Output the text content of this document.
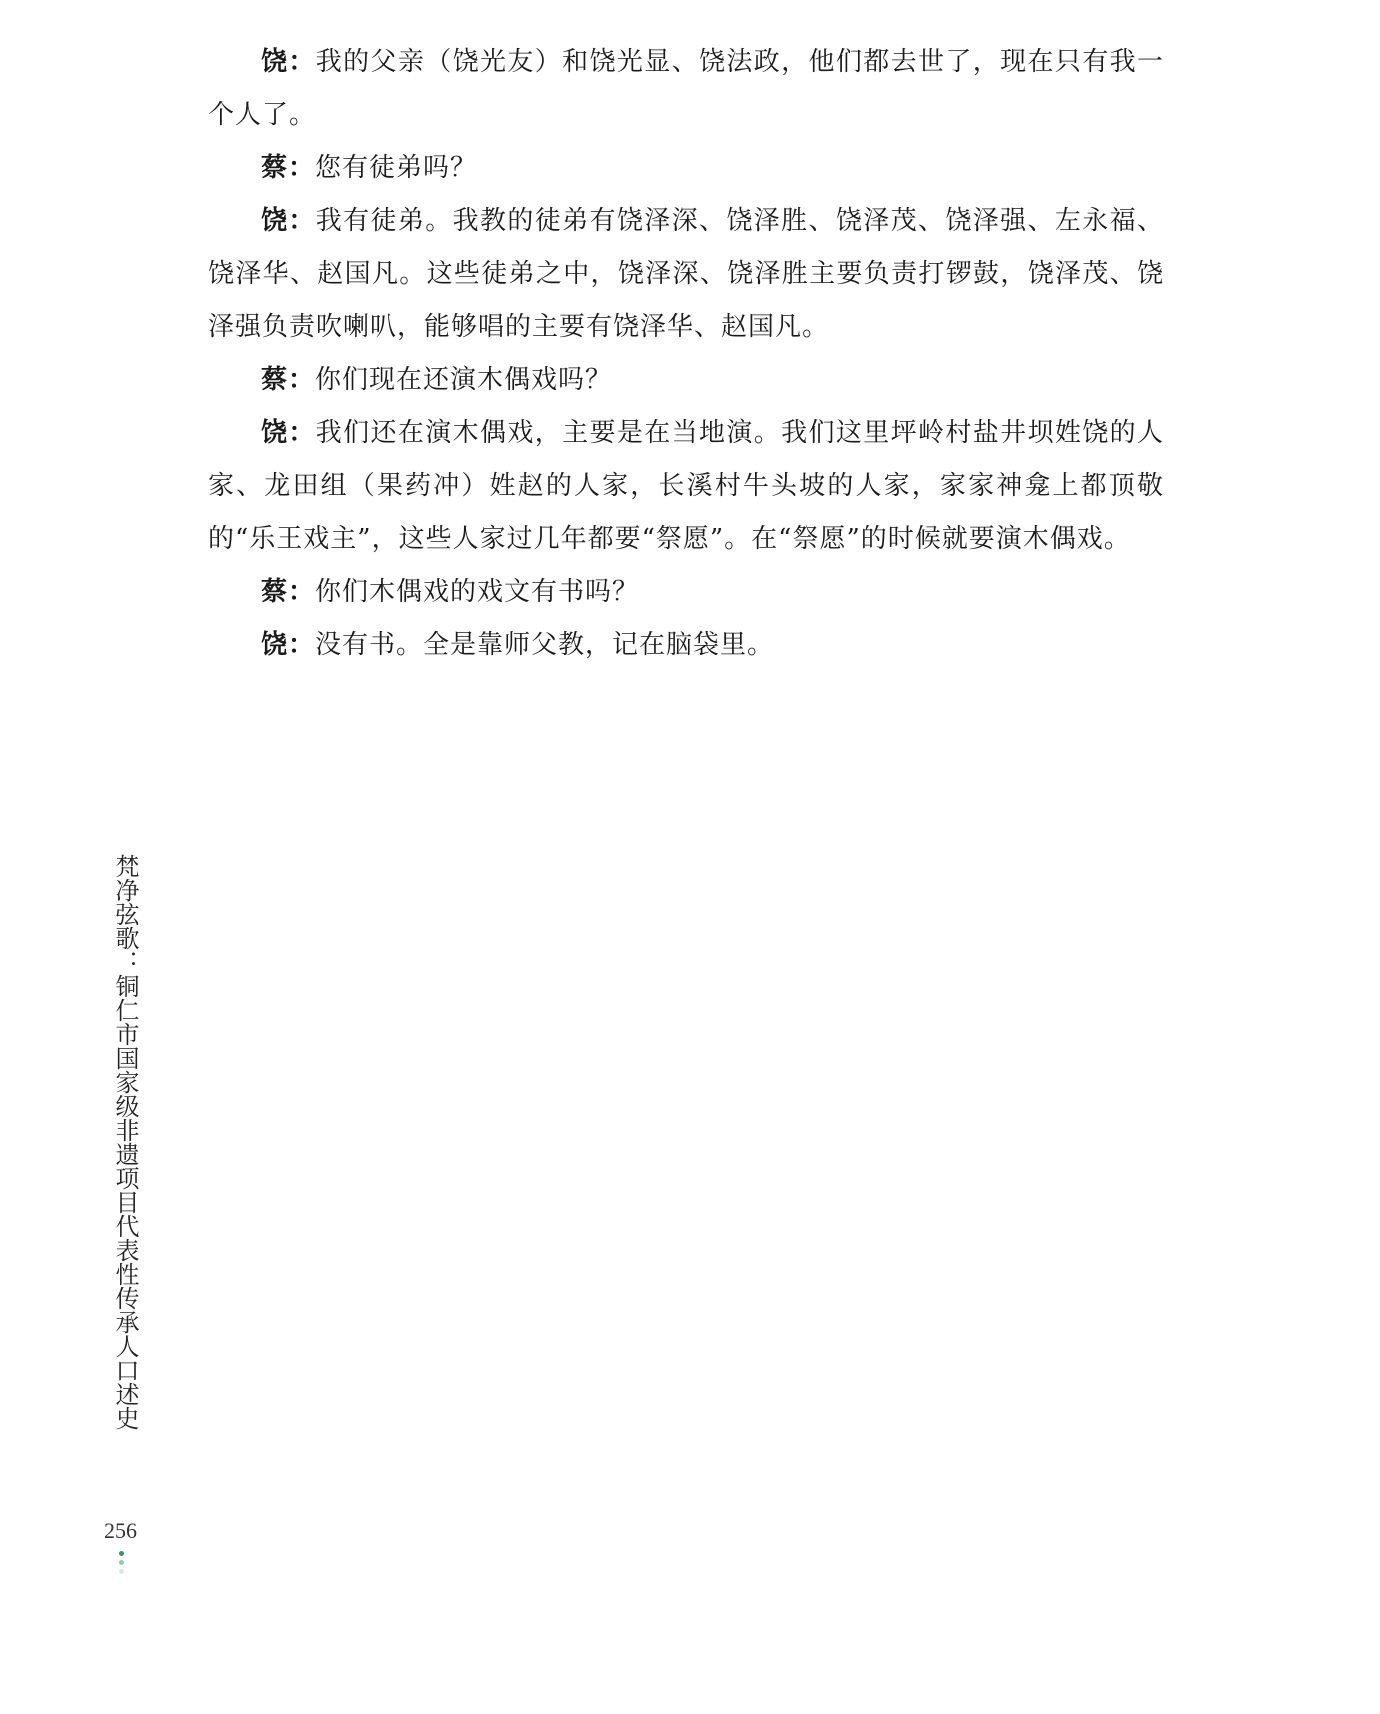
饶：我的父亲（饶光友）和饶光显、饶法政，他们都去世了，现在只有我一个人了。

蔡：您有徒弟吗？

饶：我有徒弟。我教的徒弟有饶泽深、饶泽胜、饶泽茂、饶泽强、左永福、饶泽华、赵国凡。这些徒弟之中，饶泽深、饶泽胜主要负责打锣鼓，饶泽茂、饶泽强负责吹喇叭，能够唱的主要有饶泽华、赵国凡。

蔡：你们现在还演木偶戏吗？

饶：我们还在演木偶戏，主要是在当地演。我们这里坪岭村盐井坝姓饶的人家、龙田组（果药冲）姓赵的人家，长溪村牛头坡的人家，家家神龛上都顶敬的“乐王戏主”，这些人家过几年都要“祭愿”。在“祭愿”的时候就要演木偶戏。

蔡：你们木偶戏的戏文有书吗？

饶：没有书。全是靠师父教，记在脑袋里。

梵净弦歌：铜仁市国家级非遗项目代表性传承人口述史
256
